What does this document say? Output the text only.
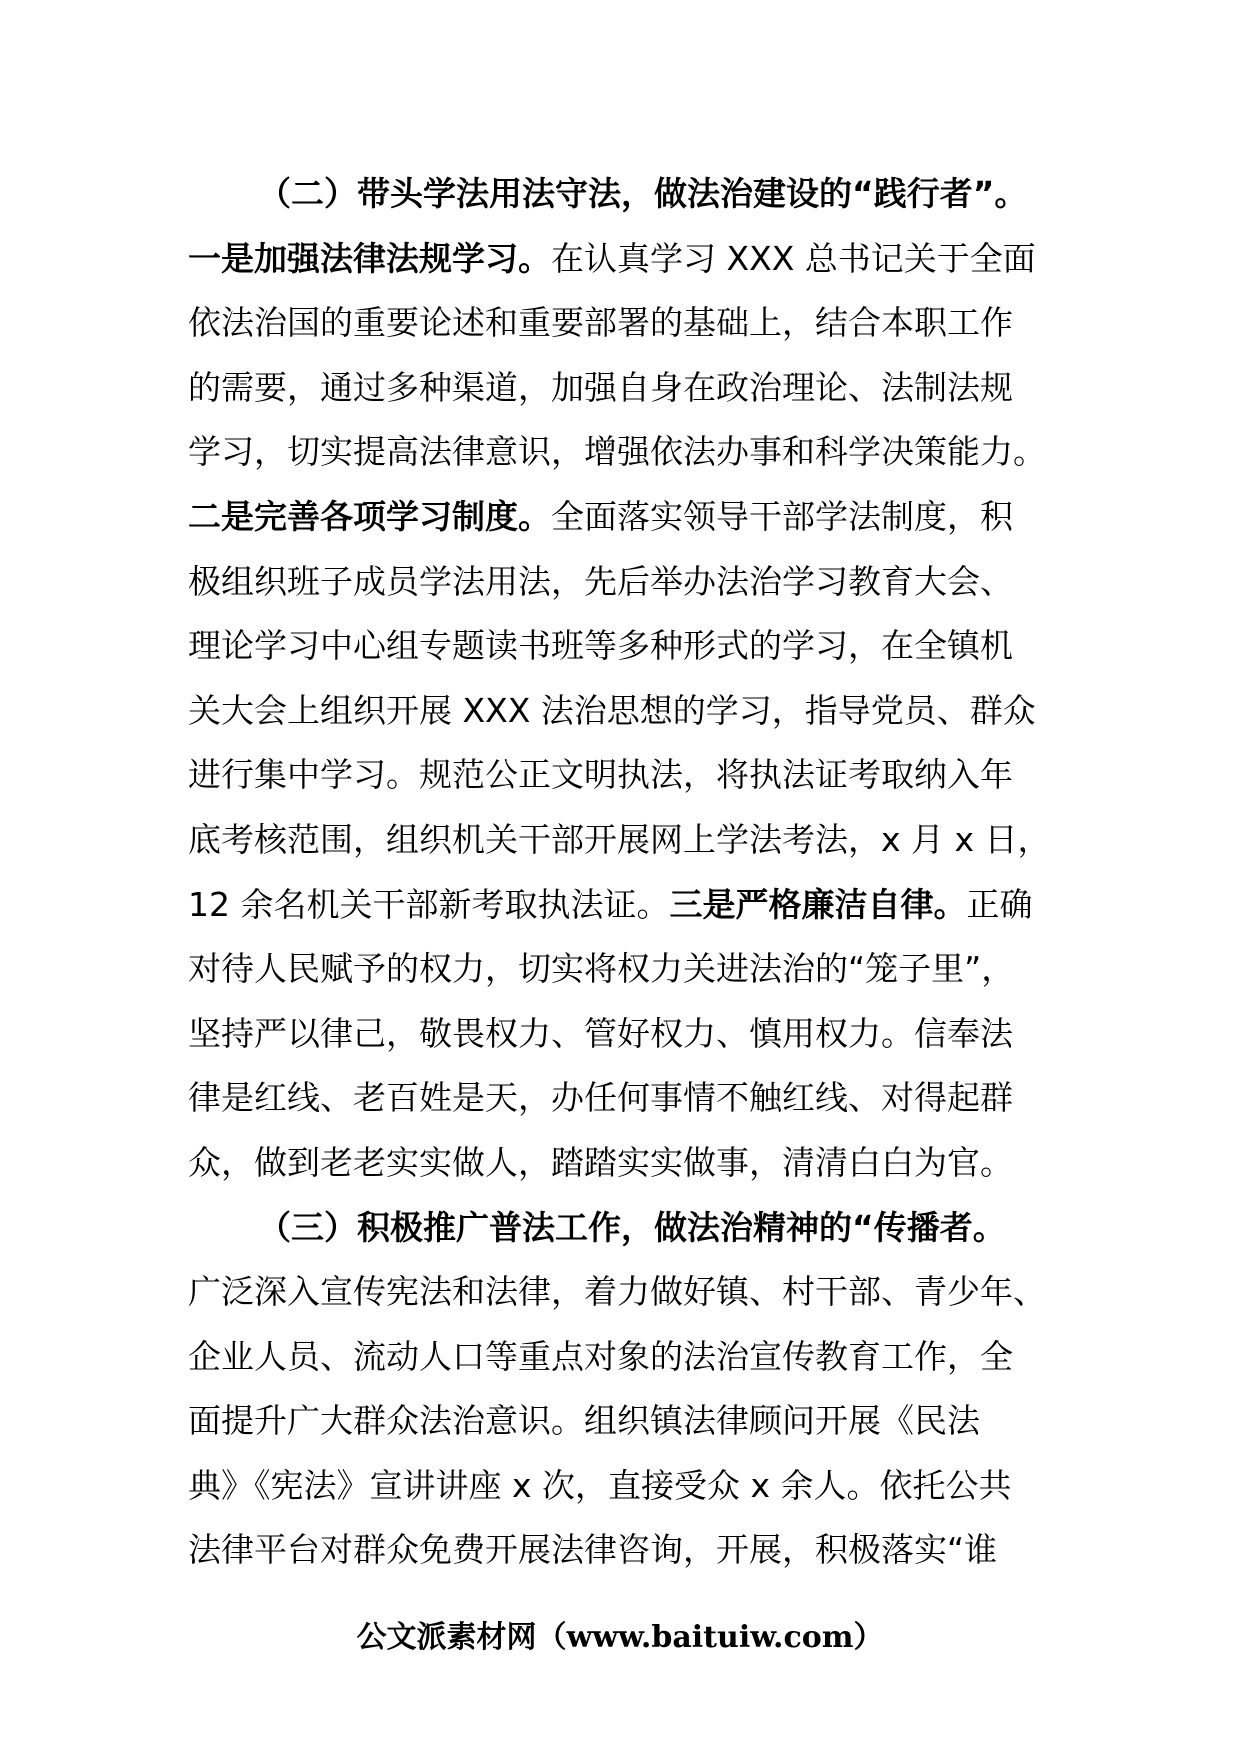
（二）带头学法用法守法，做法治建设的“践行者”。
一是加强法律法规学习。在认真学习 XXX 总书记关于全面
依法治国的重要论述和重要部署的基础上，结合本职工作
的需要，通过多种渠道，加强自身在政治理论、法制法规
学习，切实提高法律意识，增强依法办事和科学决策能力。
二是完善各项学习制度。全面落实领导干部学法制度，积
极组织班子成员学法用法，先后举办法治学习教育大会、
理论学习中心组专题读书班等多种形式的学习，在全镇机
关大会上组织开展 XXX 法治思想的学习，指导党员、群众
进行集中学习。规范公正文明执法，将执法证考取纳入年
底考核范围，组织机关干部开展网上学法考法，x 月 x 日，
12 余名机关干部新考取执法证。三是严格廉洁自律。正确
对待人民赋予的权力，切实将权力关进法治的“笼子里”，
坚持严以律己，敬畏权力、管好权力、慎用权力。信奉法
律是红线、老百姓是天，办任何事情不触红线、对得起群
众，做到老老实实做人，踏踏实实做事，清清白白为官。
（三）积极推广普法工作，做法治精神的“传播者。
广泛深入宣传宪法和法律，着力做好镇、村干部、青少年、
企业人员、流动人口等重点对象的法治宣传教育工作，全
面提升广大群众法治意识。组织镇法律顾问开展《民法
典》《宪法》宣讲讲座 x 次，直接受众 x 余人。依托公共
法律平台对群众免费开展法律咨询，开展，积极落实“谁
公文派素材网（www.baituiw.com）
